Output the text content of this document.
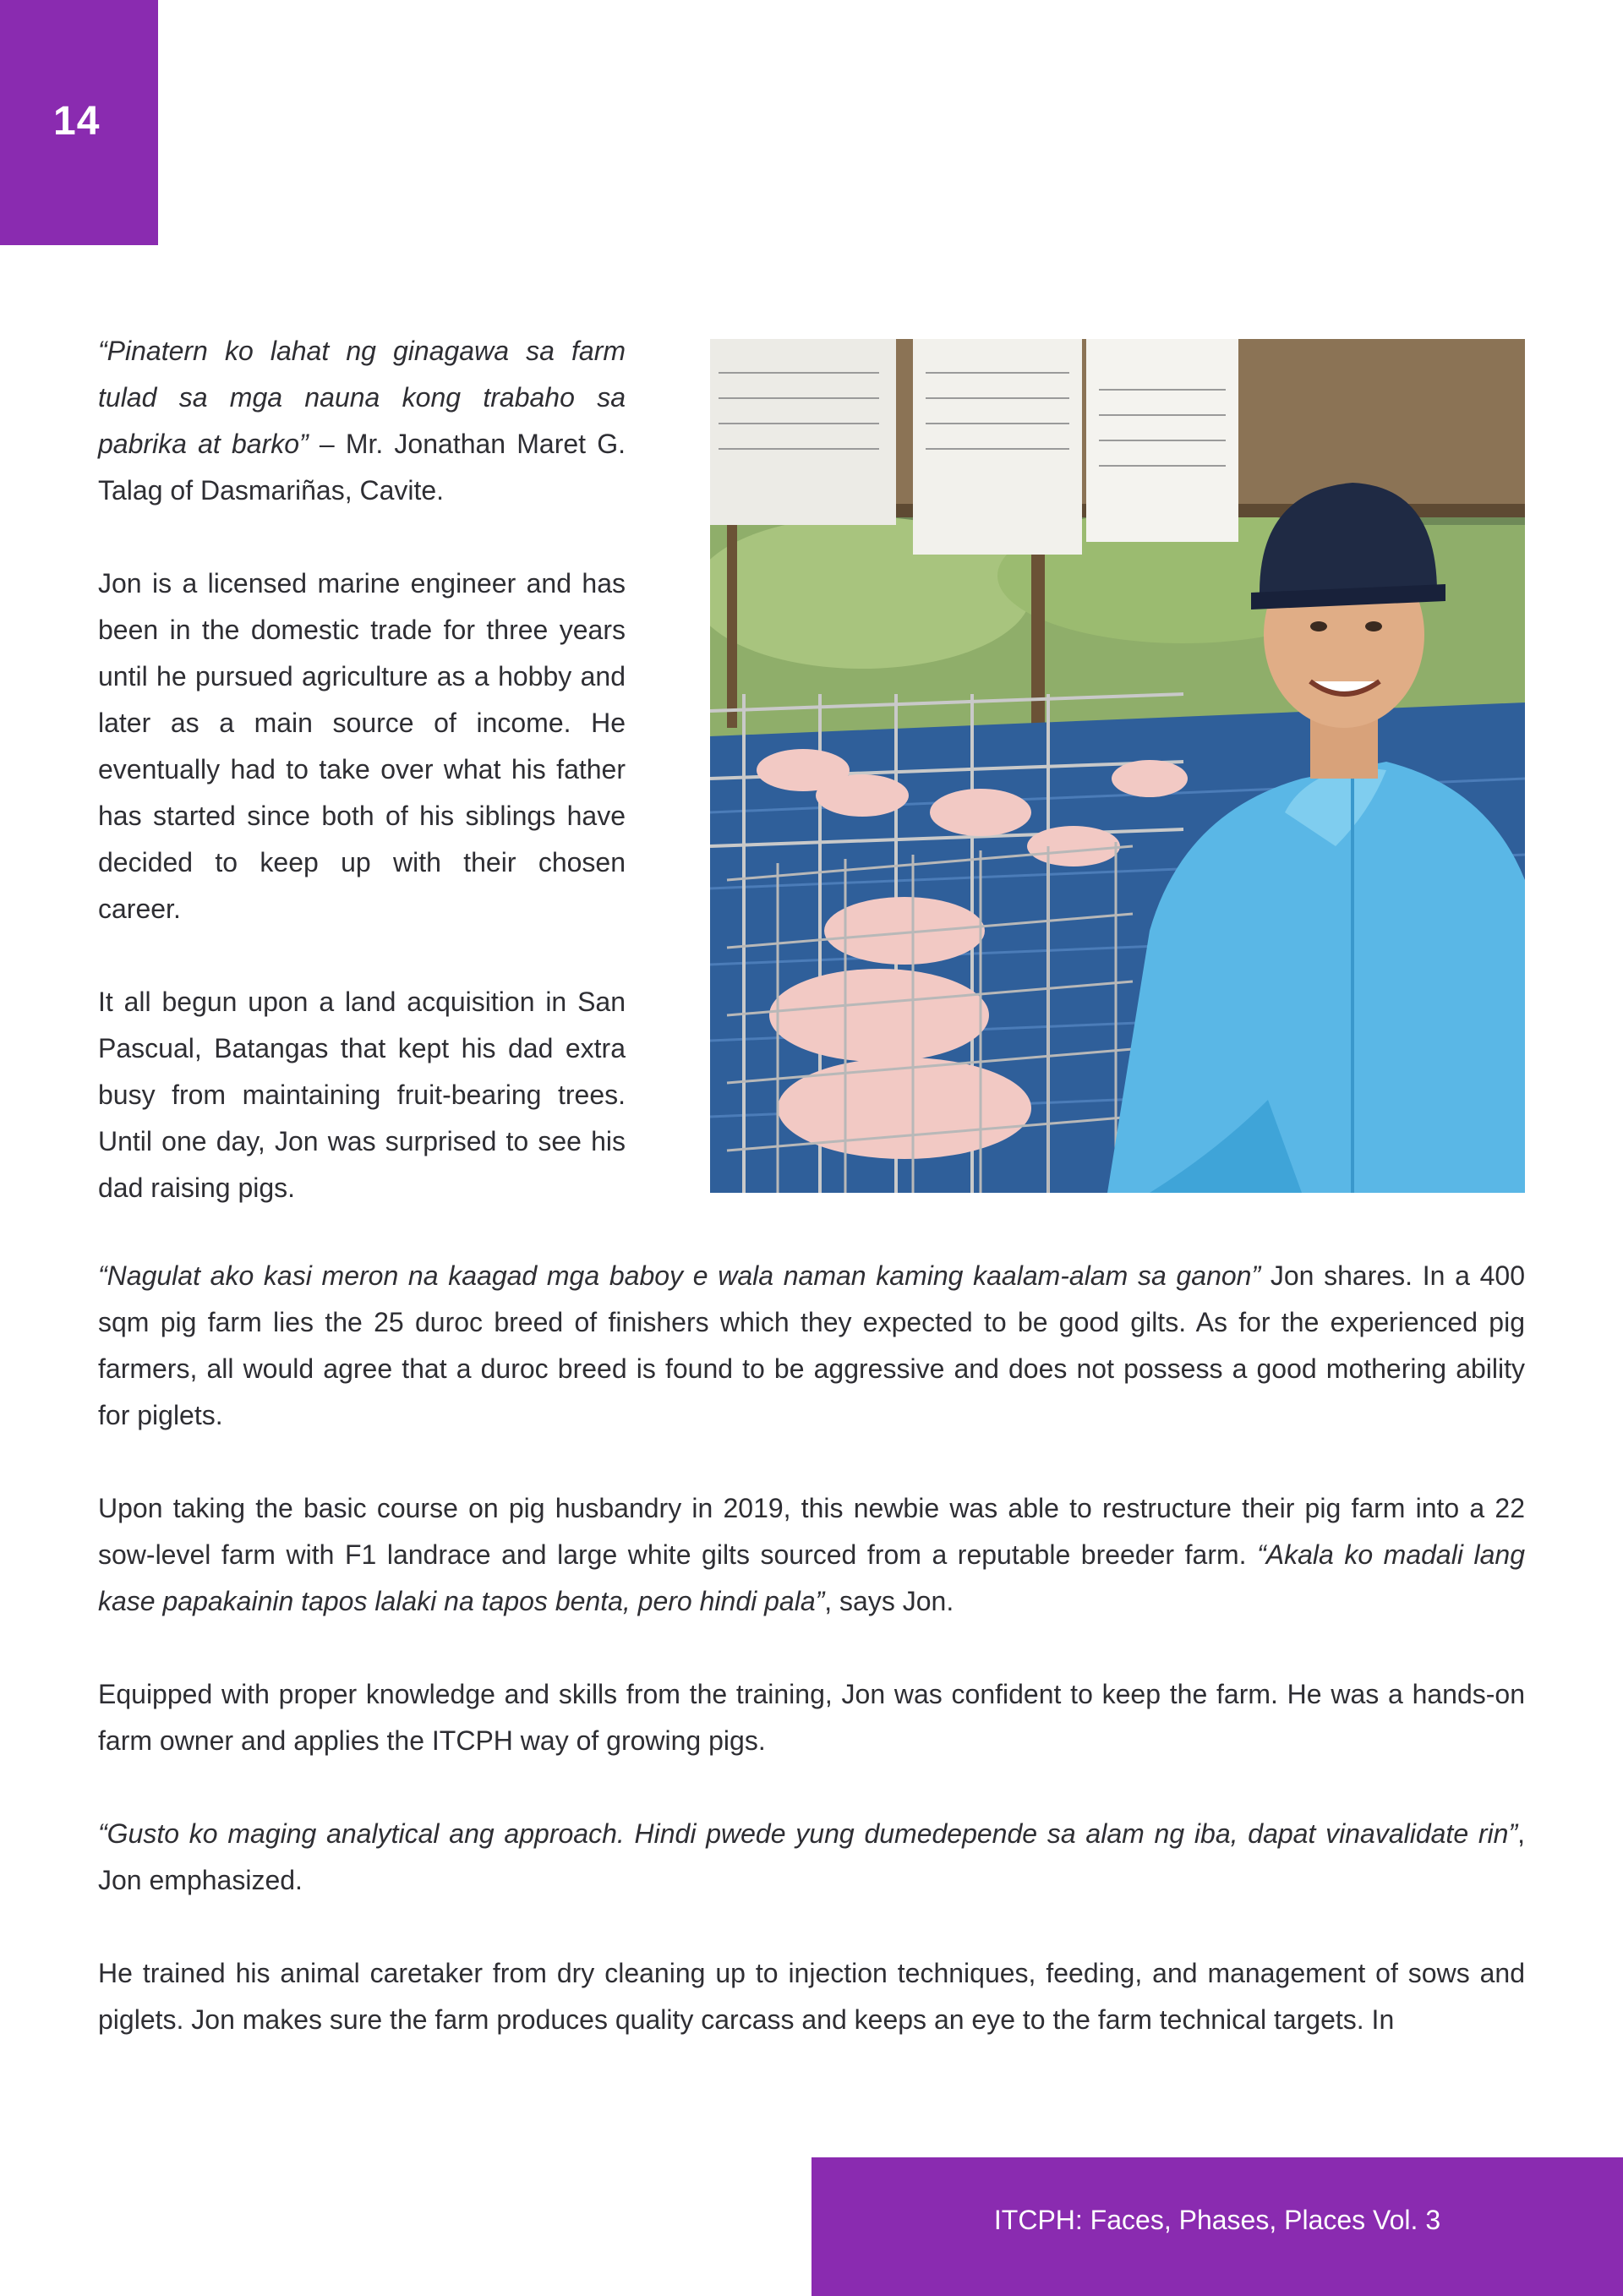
14

“Pinatern ko lahat ng ginagawa sa farm tulad sa mga nauna kong trabaho sa pabrika at barko” – Mr. Jonathan Maret G. Talag of Dasmariñas, Cavite.

Jon is a licensed marine engineer and has been in the domestic trade for three years until he pursued agriculture as a hobby and later as a main source of income. He eventually had to take over what his father has started since both of his siblings have decided to keep up with their chosen career.

It all begun upon a land acquisition in San Pascual, Batangas that kept his dad extra busy from maintaining fruit-bearing trees. Until one day, Jon was surprised to see his dad raising pigs.

“Nagulat ako kasi meron na kaagad mga baboy e wala naman kaming kaalam-alam sa ganon” Jon shares. In a 400 sqm pig farm lies the 25 duroc breed of finishers which they expected to be good gilts. As for the experienced pig farmers, all would agree that a duroc breed is found to be aggressive and does not possess a good mothering ability for piglets.

Upon taking the basic course on pig husbandry in 2019, this newbie was able to restructure their pig farm into a 22 sow-level farm with F1 landrace and large white gilts sourced from a reputable breeder farm. “Akala ko madali lang kase papakainin tapos lalaki na tapos benta, pero hindi pala”, says Jon.

Equipped with proper knowledge and skills from the training, Jon was confident to keep the farm. He was a hands-on farm owner and applies the ITCPH way of growing pigs.

“Gusto ko maging analytical ang approach. Hindi pwede yung dumedepende sa alam ng iba, dapat vinavalidate rin”, Jon emphasized.

He trained his animal caretaker from dry cleaning up to injection techniques, feeding, and management of sows and piglets. Jon makes sure the farm produces quality carcass and keeps an eye to the farm technical targets. In

ITCPH: Faces, Phases, Places Vol. 3
